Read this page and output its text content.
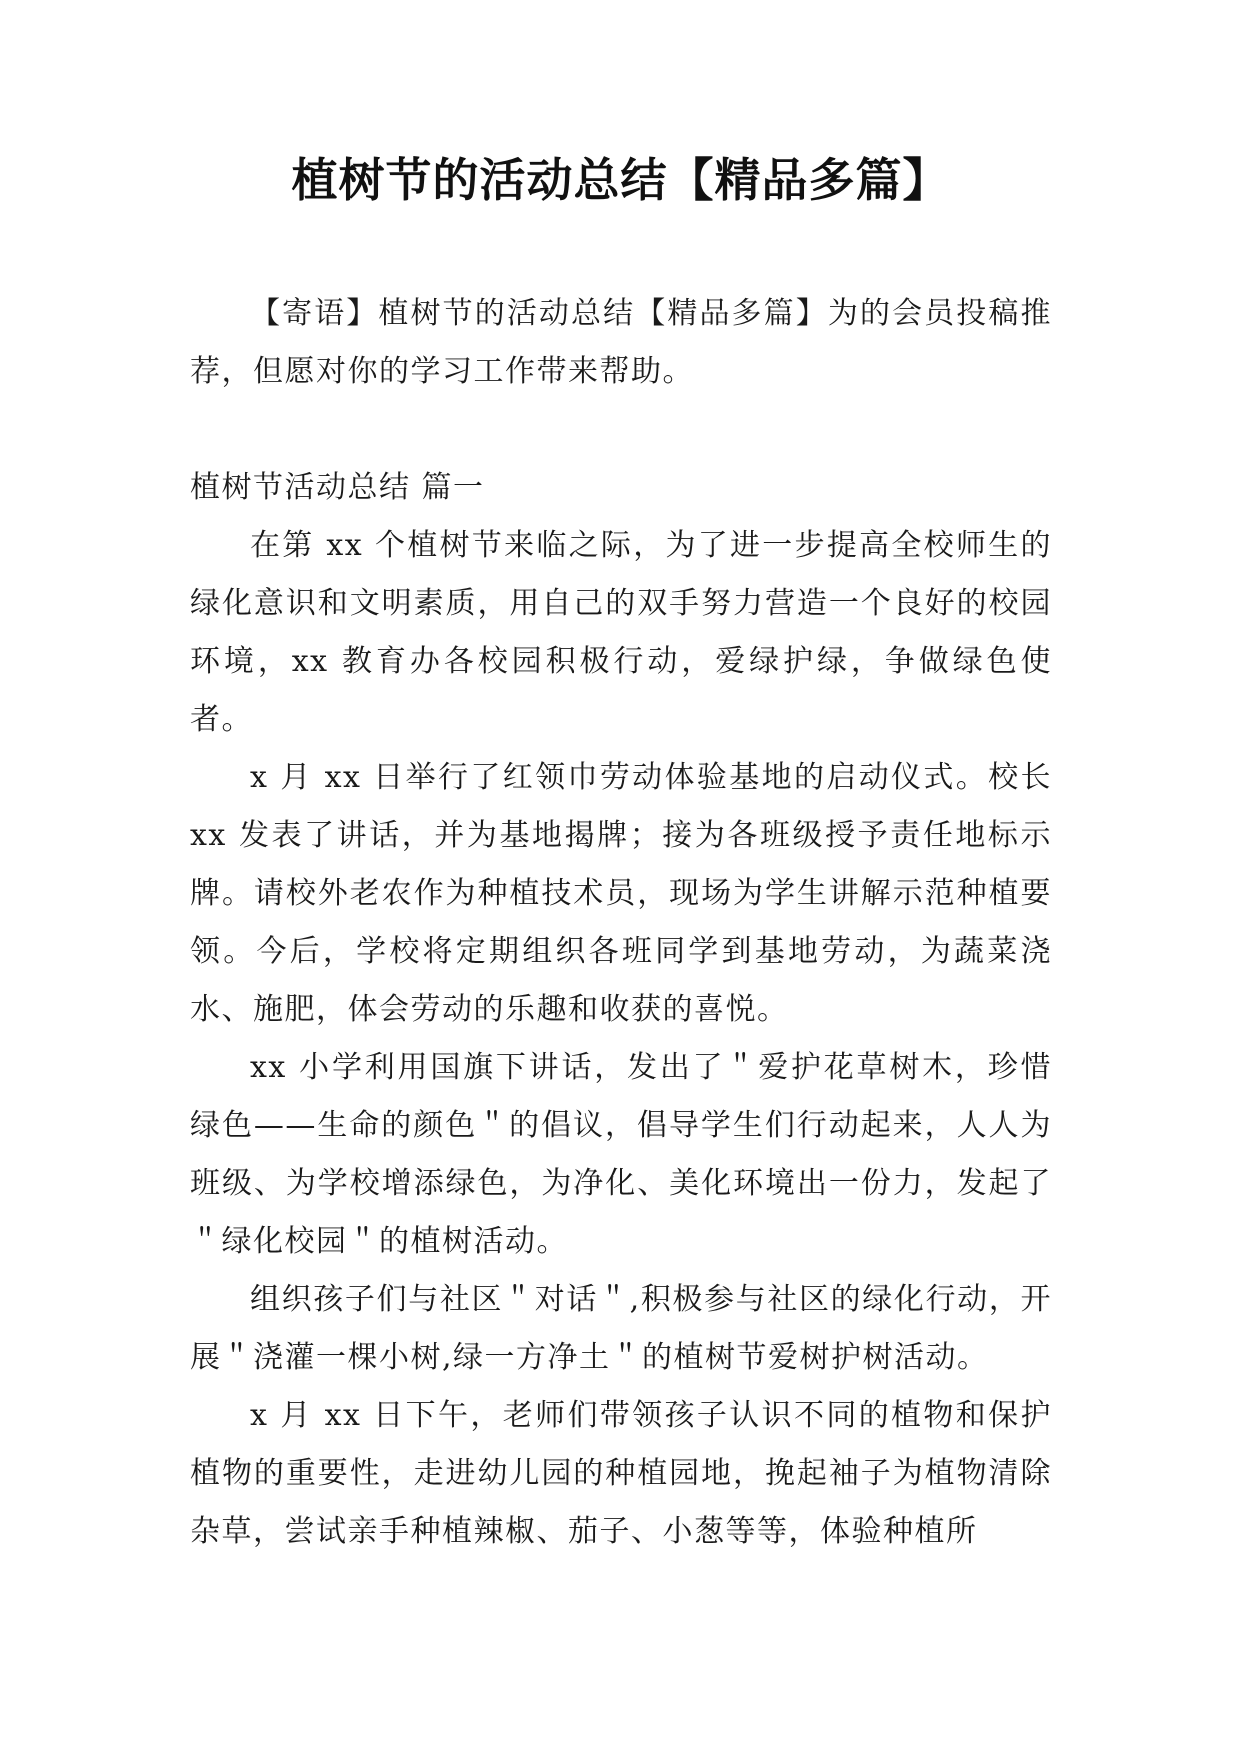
植树节的活动总结【精品多篇】

【寄语】植树节的活动总结【精品多篇】为的会员投稿推荐，但愿对你的学习工作带来帮助。

植树节活动总结 篇一

在第 xx 个植树节来临之际，为了进一步提高全校师生的绿化意识和文明素质，用自己的双手努力营造一个良好的校园环境，xx 教育办各校园积极行动，爱绿护绿，争做绿色使者。

x 月 xx 日举行了红领巾劳动体验基地的启动仪式。校长 xx 发表了讲话，并为基地揭牌；接为各班级授予责任地标示牌。请校外老农作为种植技术员，现场为学生讲解示范种植要领。今后，学校将定期组织各班同学到基地劳动，为蔬菜浇水、施肥，体会劳动的乐趣和收获的喜悦。

xx 小学利用国旗下讲话，发出了＂爱护花草树木，珍惜绿色——生命的颜色＂的倡议，倡导学生们行动起来，人人为班级、为学校增添绿色，为净化、美化环境出一份力，发起了＂绿化校园＂的植树活动。

组织孩子们与社区＂对话＂,积极参与社区的绿化行动，开展＂浇灌一棵小树,绿一方净土＂的植树节爱树护树活动。

x 月 xx 日下午，老师们带领孩子认识不同的植物和保护植物的重要性，走进幼儿园的种植园地，挽起袖子为植物清除杂草，尝试亲手种植辣椒、茄子、小葱等等，体验种植所
